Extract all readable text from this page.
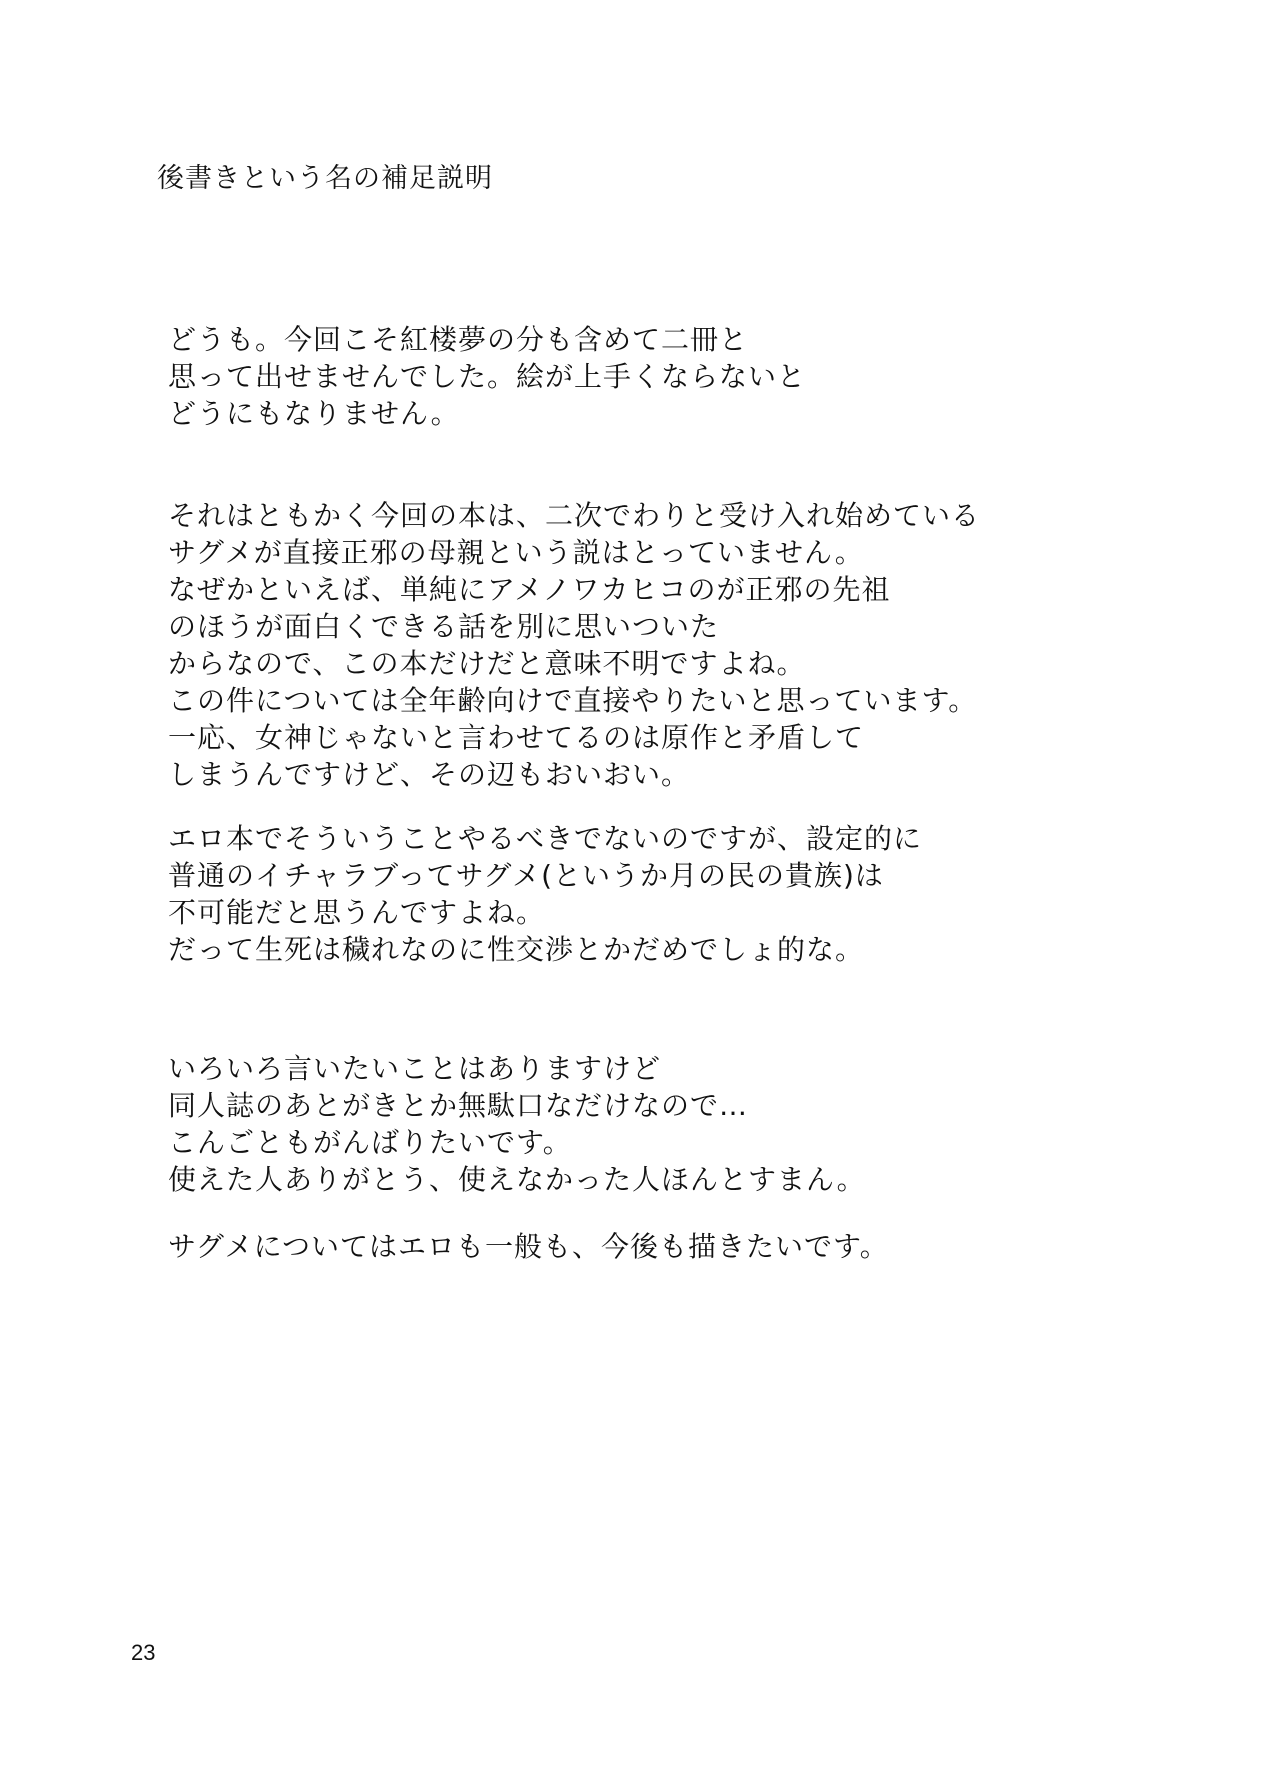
後書きという名の補足説明
どうも。今回こそ紅楼夢の分も含めて二冊と
思って出せませんでした。絵が上手くならないと
どうにもなりません。
それはともかく今回の本は、二次でわりと受け入れ始めている
サグメが直接正邪の母親という説はとっていません。
なぜかといえば、単純にアメノワカヒコのが正邪の先祖
のほうが面白くできる話を別に思いついた
からなので、この本だけだと意味不明ですよね。
この件については全年齢向けで直接やりたいと思っています。
一応、女神じゃないと言わせてるのは原作と矛盾して
しまうんですけど、その辺もおいおい。
エロ本でそういうことやるべきでないのですが、設定的に
普通のイチャラブってサグメ(というか月の民の貴族)は
不可能だと思うんですよね。
だって生死は穢れなのに性交渉とかだめでしょ的な。
いろいろ言いたいことはありますけど
同人誌のあとがきとか無駄口なだけなので…
こんごともがんばりたいです。
使えた人ありがとう、使えなかった人ほんとすまん。
サグメについてはエロも一般も、今後も描きたいです。
23
